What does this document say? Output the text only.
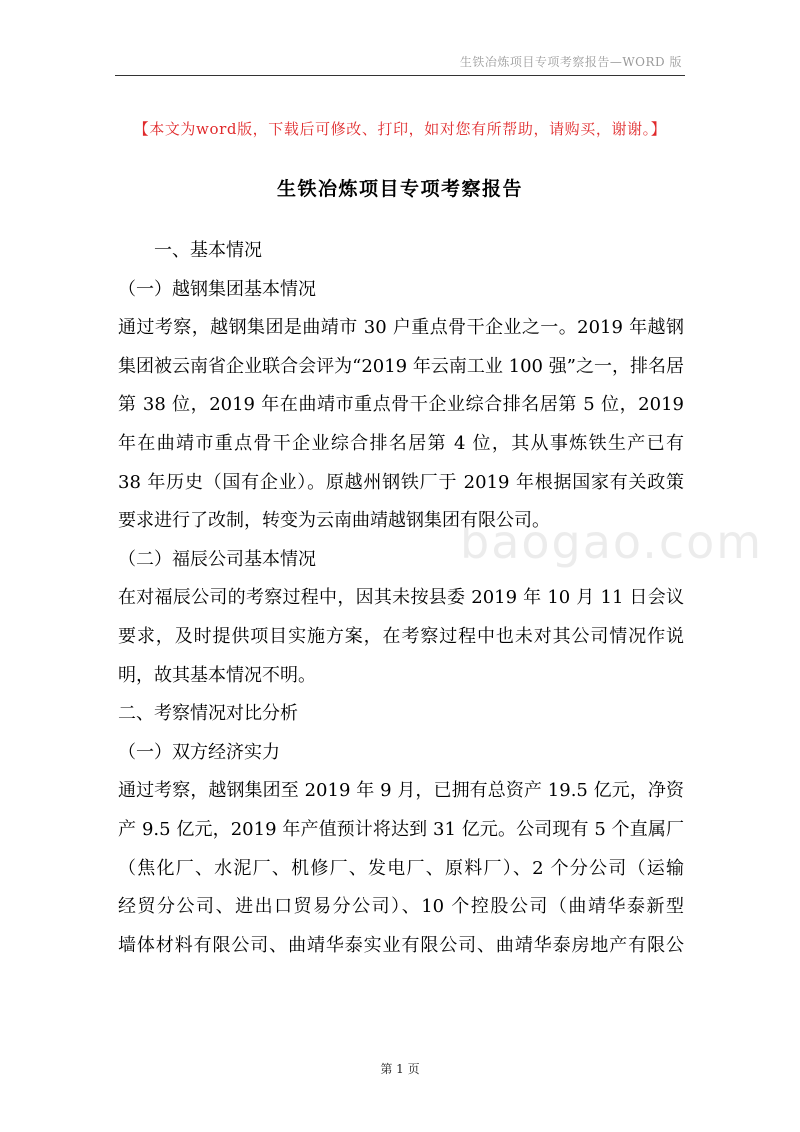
生铁冶炼项目专项考察报告—WORD 版
【本文为word版，下载后可修改、打印，如对您有所帮助，请购买，谢谢。】
生铁冶炼项目专项考察报告
一、基本情况
（一）越钢集团基本情况
通过考察，越钢集团是曲靖市 30 户重点骨干企业之一。2019 年越钢
集团被云南省企业联合会评为“2019 年云南工业 100 强”之一，排名居
第 38 位，2019 年在曲靖市重点骨干企业综合排名居第 5 位，2019
年在曲靖市重点骨干企业综合排名居第 4 位，其从事炼铁生产已有
38 年历史（国有企业）。原越州钢铁厂于 2019 年根据国家有关政策
要求进行了改制，转变为云南曲靖越钢集团有限公司。
（二）福辰公司基本情况
在对福辰公司的考察过程中，因其未按县委 2019 年 10 月 11 日会议
要求，及时提供项目实施方案，在考察过程中也未对其公司情况作说
明，故其基本情况不明。
二、考察情况对比分析
（一）双方经济实力
通过考察，越钢集团至 2019 年 9 月，已拥有总资产 19.5 亿元，净资
产 9.5 亿元，2019 年产值预计将达到 31 亿元。公司现有 5 个直属厂
（焦化厂、水泥厂、机修厂、发电厂、原料厂）、2 个分公司（运输
经贸分公司、进出口贸易分公司）、10 个控股公司（曲靖华泰新型
墙体材料有限公司、曲靖华泰实业有限公司、曲靖华泰房地产有限公
baogao.com
第 1 页
